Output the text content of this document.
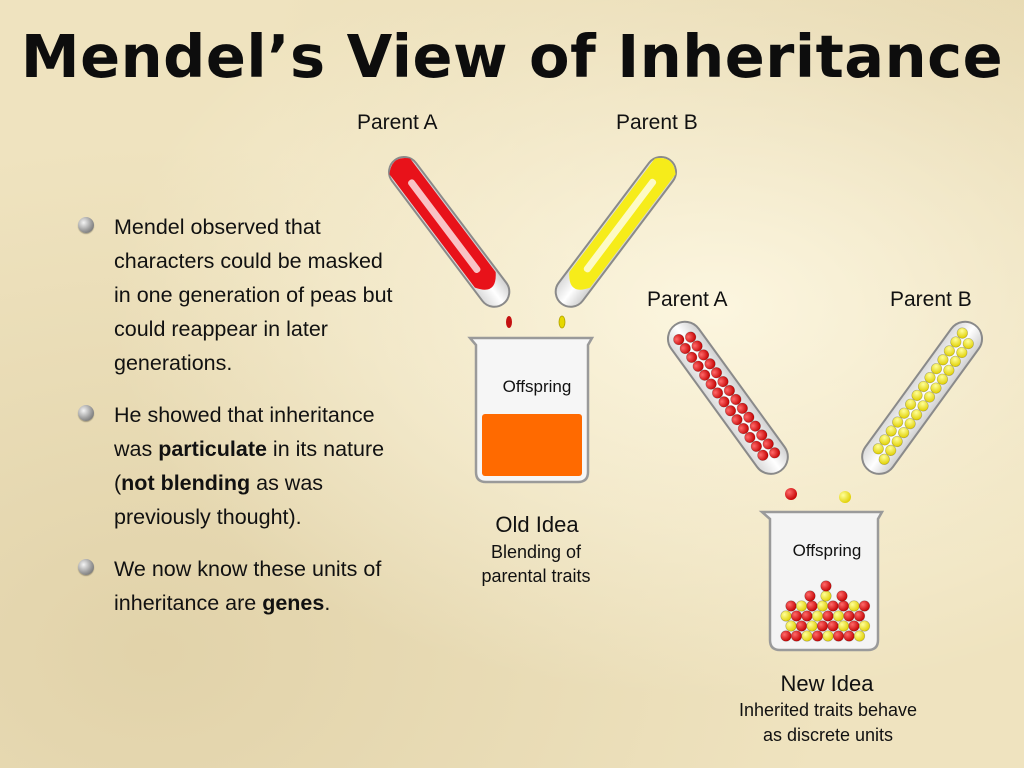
Mendel’s View of Inheritance
Mendel observed that characters could be masked in one generation of peas but could reappear in later generations.
He showed that inheritance was particulate in its nature (not blending as was previously thought).
We now know these units of inheritance are genes.
Parent A	Parent B
Offspring
Old Idea
Blending of
parental traits
Parent A	Parent B
Offspring
New Idea
Inherited traits behave
as discrete units
